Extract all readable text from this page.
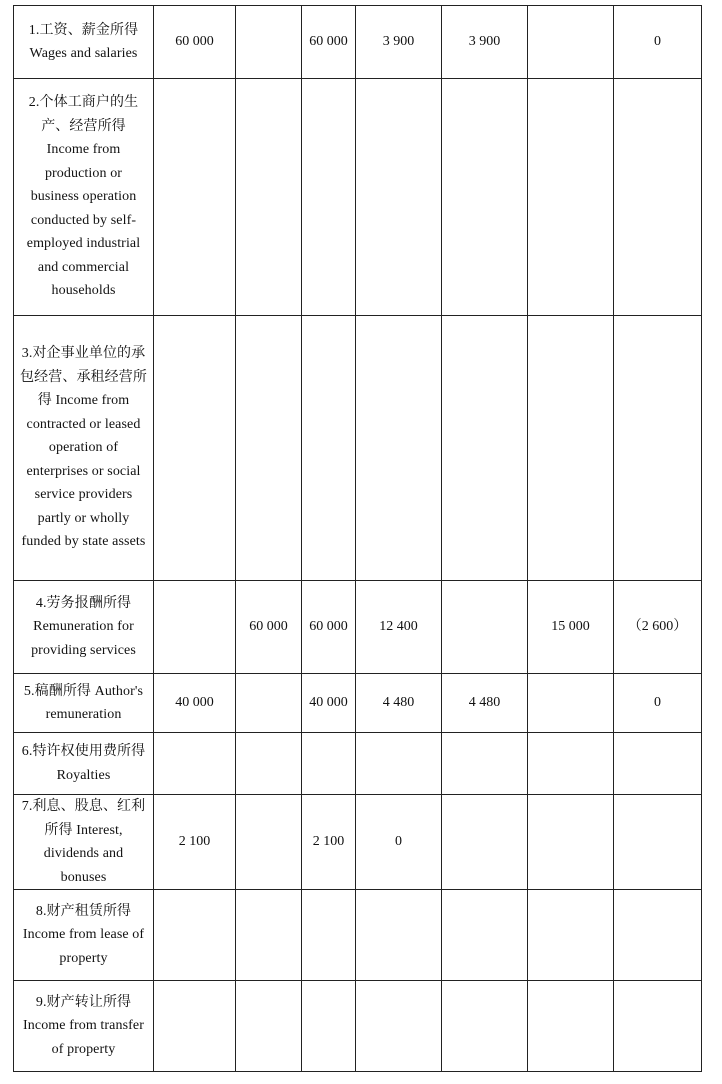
1.工资、薪金所得 Wages and salaries	60 000		60 000	3 900	3 900		0
2.个体工商户的生产、经营所得 Income from production or business operation conducted by self-employed industrial and commercial households							
3.对企事业单位的承包经营、承租经营所得 Income from contracted or leased operation of enterprises or social service providers partly or wholly funded by state assets							
4.劳务报酬所得 Remuneration for providing services		60 000	60 000	12 400		15 000	（2 600）
5.稿酬所得 Author's remuneration	40 000		40 000	4 480	4 480		0
6.特许权使用费所得 Royalties							
7.利息、股息、红利所得 Interest, dividends and bonuses	2 100		2 100	0			
8.财产租赁所得 Income from lease of property							
9.财产转让所得 Income from transfer of property							
